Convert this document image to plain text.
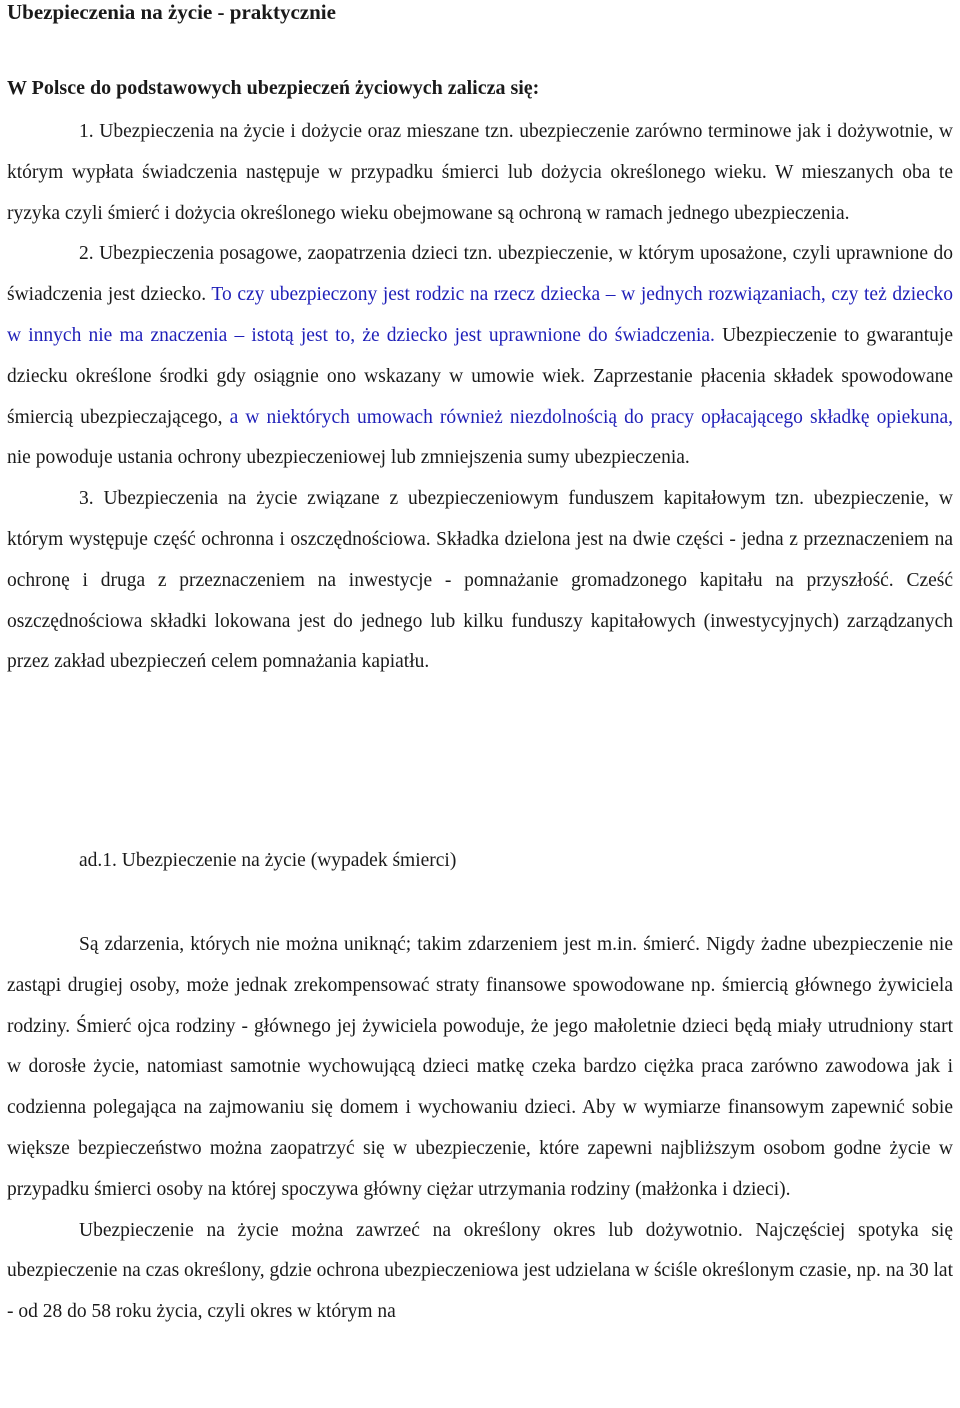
Ubezpieczenia na życie - praktycznie
W Polsce do podstawowych ubezpieczeń życiowych zalicza się:

1. Ubezpieczenia na życie i dożycie oraz mieszane tzn. ubezpieczenie zarówno terminowe jak i dożywotnie, w którym wypłata świadczenia następuje w przypadku śmierci lub dożycia określonego wieku. W mieszanych oba te ryzyka czyli śmierć i dożycia określonego wieku obejmowane są ochroną w ramach jednego ubezpieczenia.

2. Ubezpieczenia posagowe, zaopatrzenia dzieci tzn. ubezpieczenie, w którym uposażone, czyli uprawnione do świadczenia jest dziecko. To czy ubezpieczony jest rodzic na rzecz dziecka – w jednych rozwiązaniach, czy też dziecko w innych nie ma znaczenia – istotą jest to, że dziecko jest uprawnione do świadczenia. Ubezpieczenie to gwarantuje dziecku określone środki gdy osiągnie ono wskazany w umowie wiek. Zaprzestanie płacenia składek spowodowane śmiercią ubezpieczającego, a w niektórych umowach również niezdolnością do pracy opłacającego składkę opiekuna, nie powoduje ustania ochrony ubezpieczeniowej lub zmniejszenia sumy ubezpieczenia.

3. Ubezpieczenia na życie związane z ubezpieczeniowym funduszem kapitałowym tzn. ubezpieczenie, w którym występuje część ochronna i oszczędnościowa. Składka dzielona jest na dwie części - jedna z przeznaczeniem na ochronę i druga z przeznaczeniem na inwestycje - pomnażanie gromadzonego kapitału na przyszłość. Cześć oszczędnościowa składki lokowana jest do jednego lub kilku funduszy kapitałowych (inwestycyjnych) zarządzanych przez zakład ubezpieczeń celem pomnażania kapiatłu.

ad.1. Ubezpieczenie na życie (wypadek śmierci)

Są zdarzenia, których nie można uniknąć; takim zdarzeniem jest m.in. śmierć. Nigdy żadne ubezpieczenie nie zastąpi drugiej osoby, może jednak zrekompensować straty finansowe spowodowane np. śmiercią głównego żywiciela rodziny. Śmierć ojca rodziny - głównego jej żywiciela powoduje, że jego małoletnie dzieci będą miały utrudniony start w dorosłe życie, natomiast samotnie wychowującą dzieci matkę czeka bardzo ciężka praca zarówno zawodowa jak i codzienna polegająca na zajmowaniu się domem i wychowaniu dzieci. Aby w wymiarze finansowym zapewnić sobie większe bezpieczeństwo można zaopatrzyć się w ubezpieczenie, które zapewni najbliższym osobom godne życie w przypadku śmierci osoby na której spoczywa główny ciężar utrzymania rodziny (małżonka i dzieci).

Ubezpieczenie na życie można zawrzeć na określony okres lub dożywotnio. Najczęściej spotyka się ubezpieczenie na czas określony, gdzie ochrona ubezpieczeniowa jest udzielana w ściśle określonym czasie, np. na 30 lat - od 28 do 58 roku życia, czyli okres w którym na
